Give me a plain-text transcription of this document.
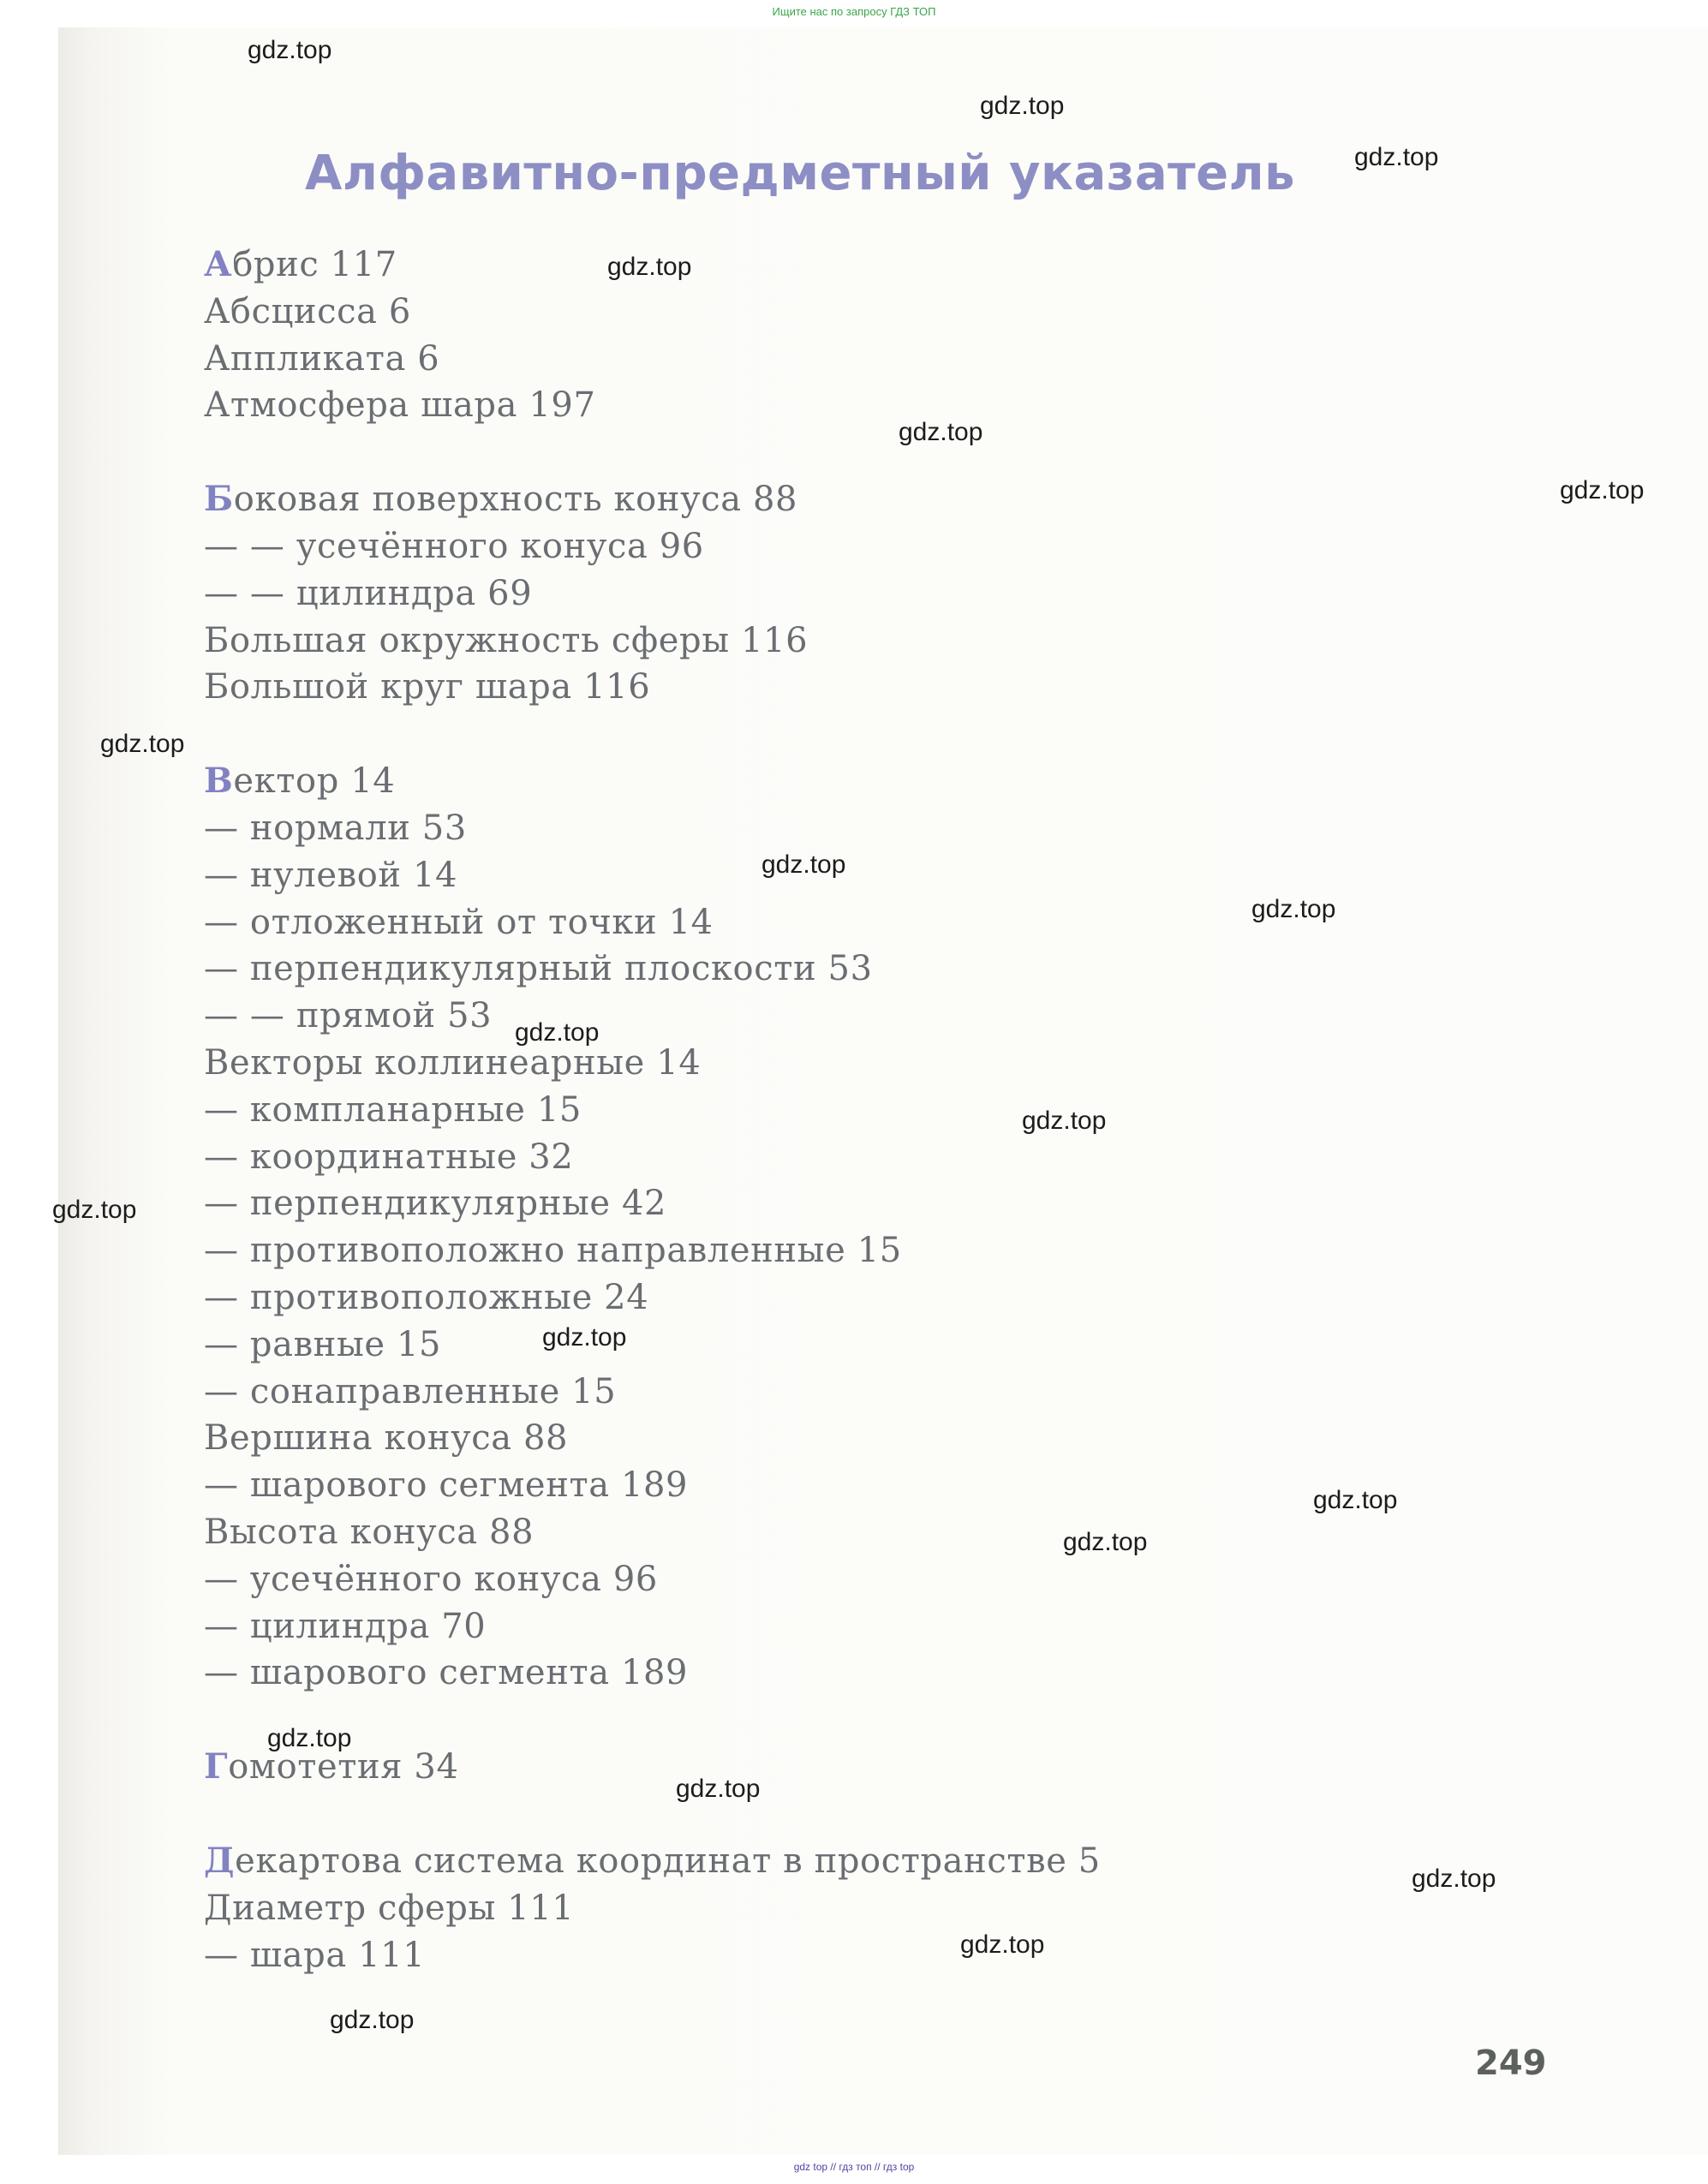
Ищите нас по запросу ГДЗ ТОП
Алфавитно-предметный указатель
Абрис 117
Абсцисса 6
Аппликата 6
Атмосфера шара 197
Боковая поверхность конуса 88
— — усечённого конуса 96
— — цилиндра 69
Большая окружность сферы 116
Большой круг шара 116
Вектор 14
— нормали 53
— нулевой 14
— отложенный от точки 14
— перпендикулярный плоскости 53
— — прямой 53
Векторы коллинеарные 14
— компланарные 15
— координатные 32
— перпендикулярные 42
— противоположно направленные 15
— противоположные 24
— равные 15
— сонаправленные 15
Вершина конуса 88
— шарового сегмента 189
Высота конуса 88
— усечённого конуса 96
— цилиндра 70
— шарового сегмента 189
Гомотетия 34
Декартова система координат в пространстве 5
Диаметр сферы 111
— шара 111
249
gdz.top
gdz.top
gdz.top
gdz.top
gdz.top
gdz.top
gdz.top
gdz.top
gdz.top
gdz.top
gdz.top
gdz.top
gdz.top
gdz.top
gdz.top
gdz.top
gdz.top
gdz.top
gdz.top
gdz.top
gdz top // гдз топ // гдз top
